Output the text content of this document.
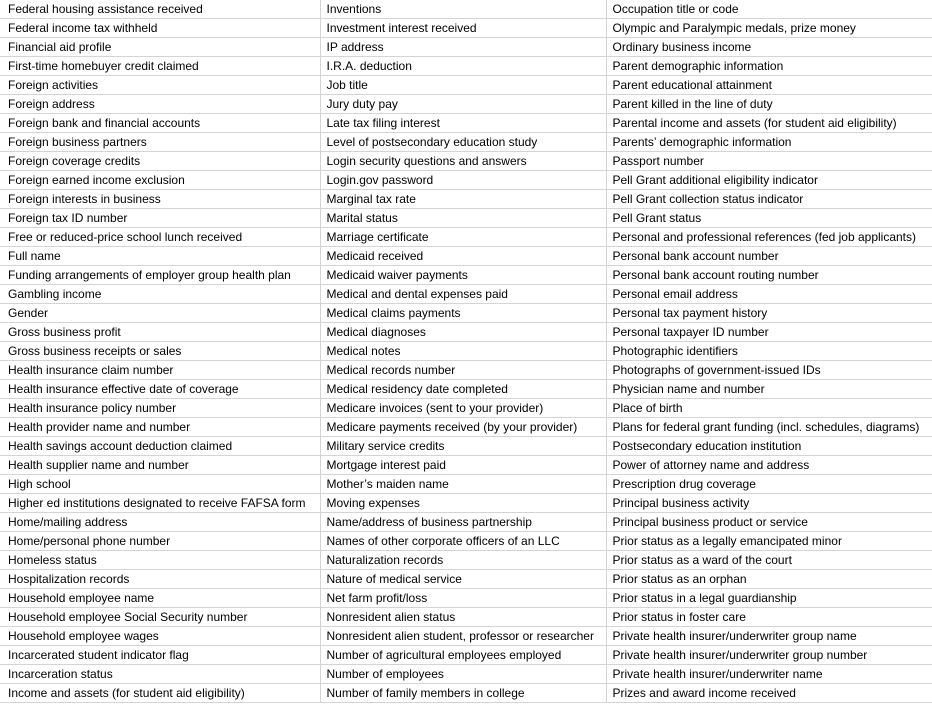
Federal housing assistance received	Inventions	Occupation title or code
Federal income tax withheld	Investment interest received	Olympic and Paralympic medals, prize money
Financial aid profile	IP address	Ordinary business income
First-time homebuyer credit claimed	I.R.A. deduction	Parent demographic information
Foreign activities	Job title	Parent educational attainment
Foreign address	Jury duty pay	Parent killed in the line of duty
Foreign bank and financial accounts	Late tax filing interest	Parental income and assets (for student aid eligibility)
Foreign business partners	Level of postsecondary education study	Parents’ demographic information
Foreign coverage credits	Login security questions and answers	Passport number
Foreign earned income exclusion	Login.gov password	Pell Grant additional eligibility indicator
Foreign interests in business	Marginal tax rate	Pell Grant collection status indicator
Foreign tax ID number	Marital status	Pell Grant status
Free or reduced-price school lunch received	Marriage certificate	Personal and professional references (fed job applicants)
Full name	Medicaid received	Personal bank account number
Funding arrangements of employer group health plan	Medicaid waiver payments	Personal bank account routing number
Gambling income	Medical and dental expenses paid	Personal email address
Gender	Medical claims payments	Personal tax payment history
Gross business profit	Medical diagnoses	Personal taxpayer ID number
Gross business receipts or sales	Medical notes	Photographic identifiers
Health insurance claim number	Medical records number	Photographs of government-issued IDs
Health insurance effective date of coverage	Medical residency date completed	Physician name and number
Health insurance policy number	Medicare invoices (sent to your provider)	Place of birth
Health provider name and number	Medicare payments received (by your provider)	Plans for federal grant funding (incl. schedules, diagrams)
Health savings account deduction claimed	Military service credits	Postsecondary education institution
Health supplier name and number	Mortgage interest paid	Power of attorney name and address
High school	Mother’s maiden name	Prescription drug coverage
Higher ed institutions designated to receive FAFSA form	Moving expenses	Principal business activity
Home/mailing address	Name/address of business partnership	Principal business product or service
Home/personal phone number	Names of other corporate officers of an LLC	Prior status as a legally emancipated minor
Homeless status	Naturalization records	Prior status as a ward of the court
Hospitalization records	Nature of medical service	Prior status as an orphan
Household employee name	Net farm profit/loss	Prior status in a legal guardianship
Household employee Social Security number	Nonresident alien status	Prior status in foster care
Household employee wages	Nonresident alien student, professor or researcher	Private health insurer/underwriter group name
Incarcerated student indicator flag	Number of agricultural employees employed	Private health insurer/underwriter group number
Incarceration status	Number of employees	Private health insurer/underwriter name
Income and assets (for student aid eligibility)	Number of family members in college	Prizes and award income received
